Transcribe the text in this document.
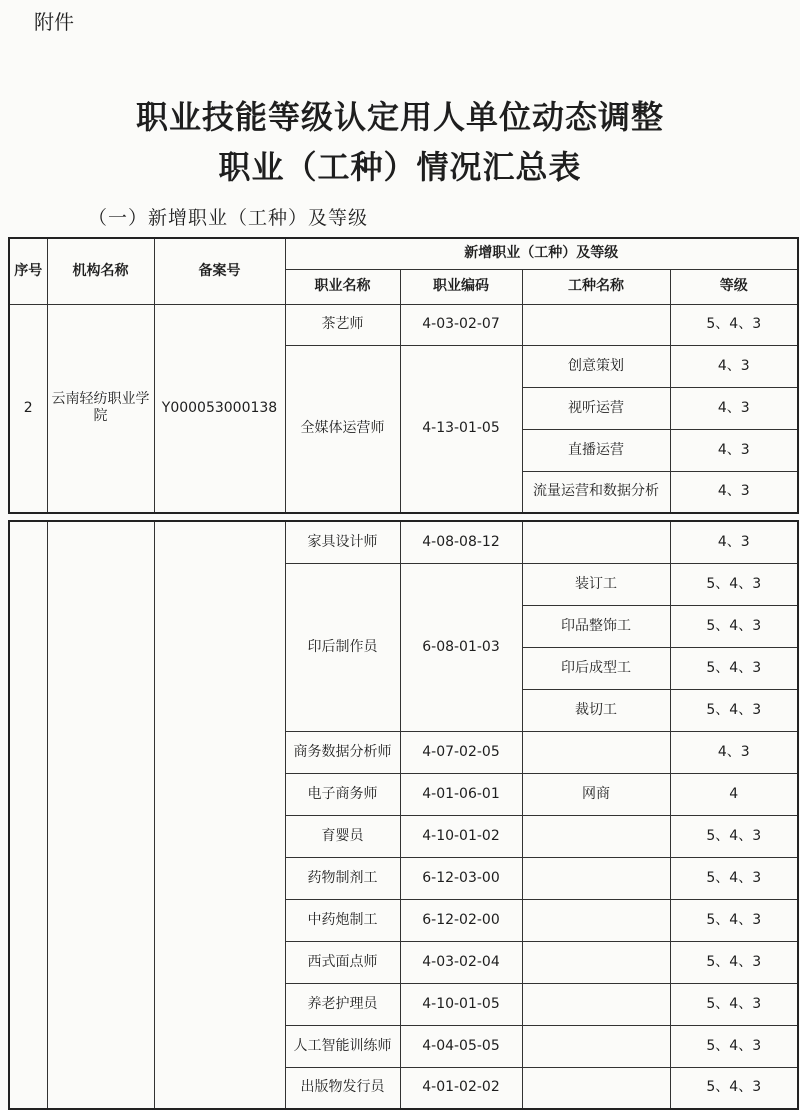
附件
职业技能等级认定用人单位动态调整
职业（工种）情况汇总表
（一）新增职业（工种）及等级
序号	机构名称	备案号	新增职业（工种）及等级			
			职业名称	职业编码	工种名称	等级
2	云南轻纺职业学院	Y000053000138	茶艺师	4-03-02-07		5、4、3
			全媒体运营师	4-13-01-05	创意策划	4、3
					视听运营	4、3
					直播运营	4、3
					流量运营和数据分析	4、3
			家具设计师	4-08-08-12		4、3
			印后制作员	6-08-01-03	装订工	5、4、3
					印品整饰工	5、4、3
					印后成型工	5、4、3
					裁切工	5、4、3
			商务数据分析师	4-07-02-05		4、3
			电子商务师	4-01-06-01	网商	4
			育婴员	4-10-01-02		5、4、3
			药物制剂工	6-12-03-00		5、4、3
			中药炮制工	6-12-02-00		5、4、3
			西式面点师	4-03-02-04		5、4、3
			养老护理员	4-10-01-05		5、4、3
			人工智能训练师	4-04-05-05		5、4、3
			出版物发行员	4-01-02-02		5、4、3
